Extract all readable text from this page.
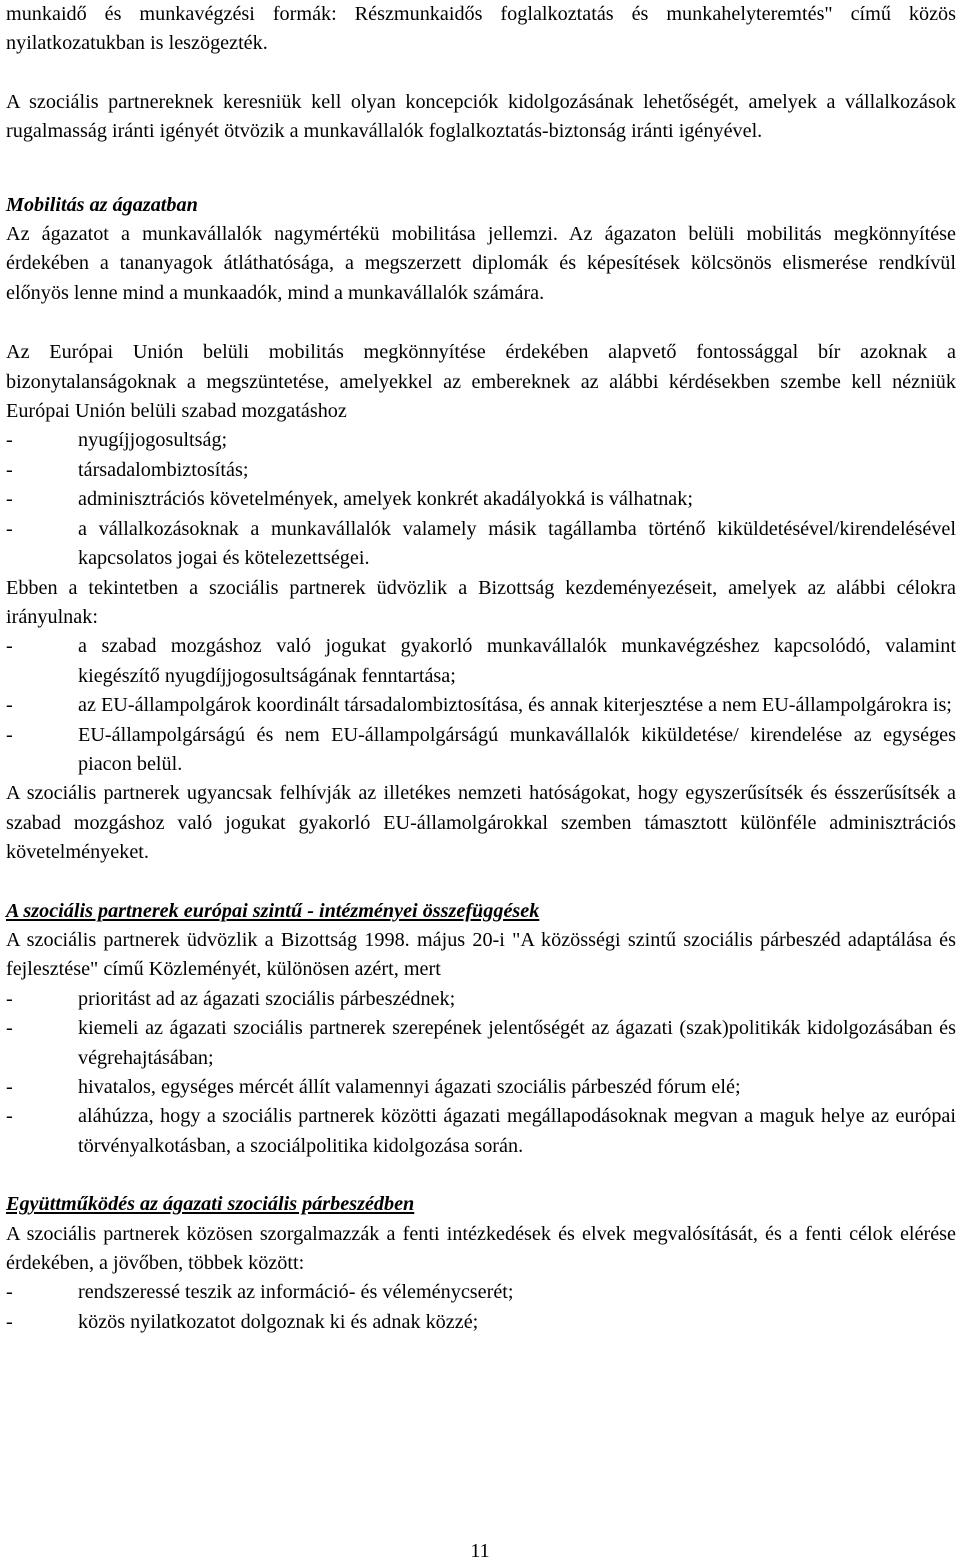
munkaidő és munkavégzési formák: Részmunkaidős foglalkoztatás és munkahelyteremtés" című közös nyilatkozatukban is leszögezték.

A szociális partnereknek keresniük kell olyan koncepciók kidolgozásának lehetőségét, amelyek a vállalkozások rugalmasság iránti igényét ötvözik a munkavállalók foglalkoztatás-biztonság iránti igényével.

Mobilitás az ágazatban

Az ágazatot a munkavállalók nagymértékü mobilitása jellemzi. Az ágazaton belüli mobilitás megkönnyítése érdekében a tananyagok átláthatósága, a megszerzett diplomák és képesítések kölcsönös elismerése rendkívül előnyös lenne mind a munkaadók, mind a munkavállalók számára.

Az Európai Unión belüli mobilitás megkönnyítése érdekében alapvető fontossággal bír azoknak a bizonytalanságoknak a megszüntetése, amelyekkel az embereknek az alábbi kérdésekben szembe kell nézniük Európai Unión belüli szabad mozgatáshoz

-	nyugíjjogosultság;
-	társadalombiztosítás;
-	adminisztrációs követelmények, amelyek konkrét akadályokká is válhatnak;
-	a vállalkozásoknak a munkavállalók valamely másik tagállamba történő kiküldetésével/kirendelésével kapcsolatos jogai és kötelezettségei.

Ebben a tekintetben a szociális partnerek üdvözlik a Bizottság kezdeményezéseit, amelyek az alábbi célokra irányulnak:

-	a szabad mozgáshoz való jogukat gyakorló munkavállalók munkavégzéshez kapcsolódó, valamint kiegészítő nyugdíjjogosultságának fenntartása;
-	az EU-állampolgárok koordinált társadalombiztosítása, és annak kiterjesztése a nem EU-állampolgárokra is;
-	EU-állampolgárságú és nem EU-állampolgárságú munkavállalók kiküldetése/ kirendelése az egységes piacon belül.

A szociális partnerek ugyancsak felhívják az illetékes nemzeti hatóságokat, hogy egyszerűsítsék és ésszerűsítsék a szabad mozgáshoz való jogukat gyakorló EU-államolgárokkal szemben támasztott különféle adminisztrációs követelményeket.

A szociális partnerek európai szintű - intézményei összefüggések

A szociális partnerek üdvözlik a Bizottság 1998. május 20-i "A közösségi szintű szociális párbeszéd adaptálása és fejlesztése" című Közleményét, különösen azért, mert

-	prioritást ad az ágazati szociális párbeszédnek;
-	kiemeli az ágazati szociális partnerek szerepének jelentőségét az ágazati (szak)politikák kidolgozásában és végrehajtásában;
-	hivatalos, egységes mércét állít valamennyi ágazati szociális párbeszéd fórum elé;
-	aláhúzza, hogy a szociális partnerek közötti ágazati megállapodásoknak megvan a maguk helye az európai törvényalkotásban, a szociálpolitika kidolgozása során.

Együttműködés az ágazati szociális párbeszédben

A szociális partnerek közösen szorgalmazzák a fenti intézkedések és elvek megvalósítását, és a fenti célok elérése érdekében, a jövőben, többek között:

-	rendszeressé teszik az információ- és véleménycserét;
-	közös nyilatkozatot dolgoznak ki és adnak közzé;
11
